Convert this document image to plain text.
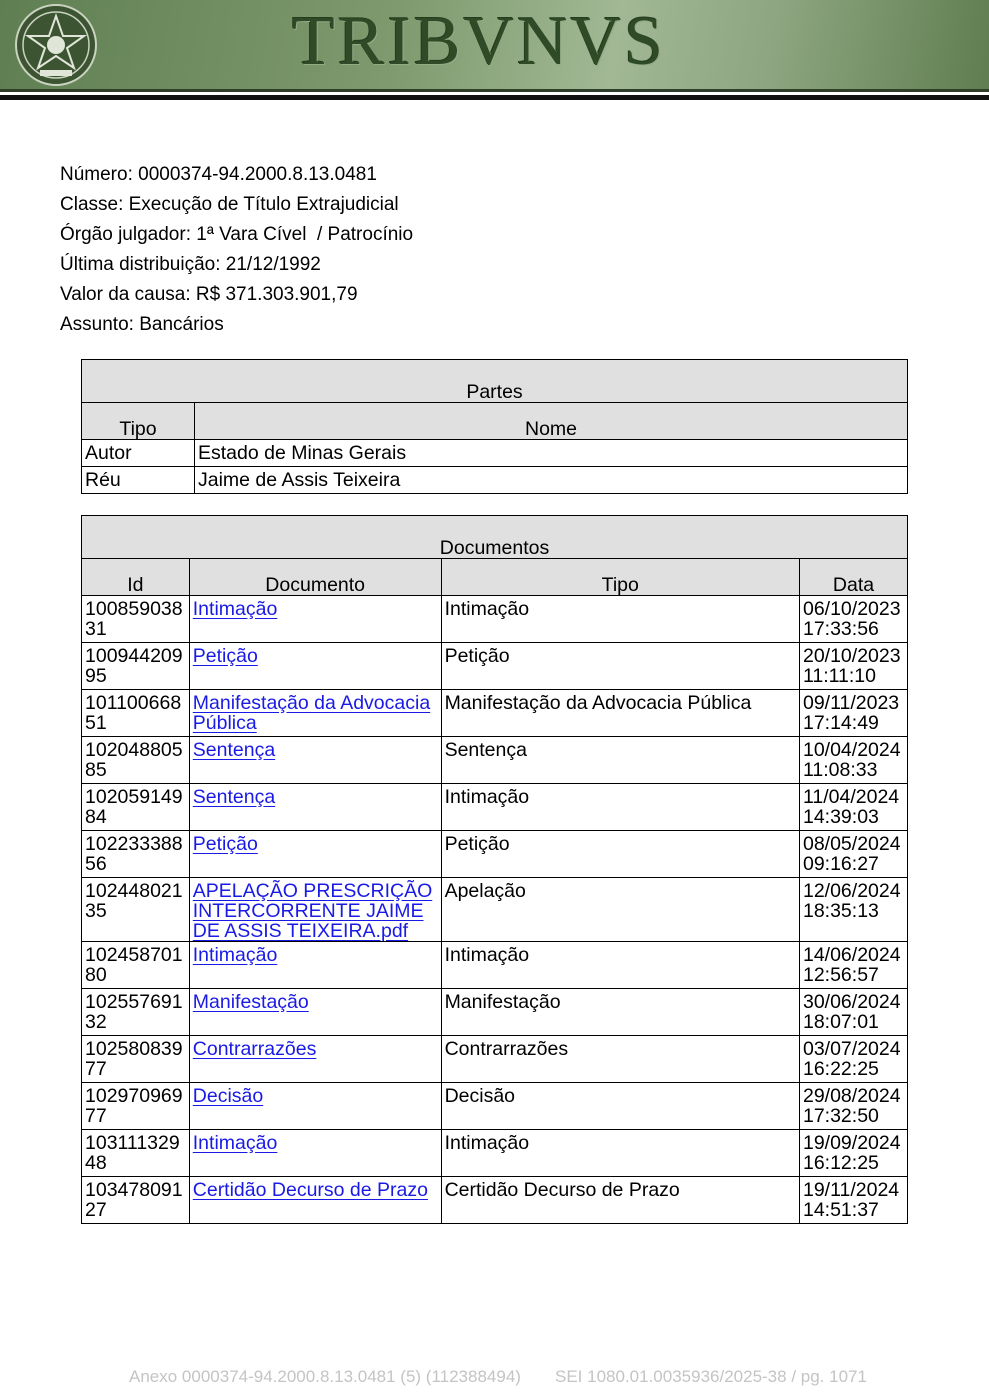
TRIBVNVS
Número: 0000374-94.2000.8.13.0481
Classe: Execução de Título Extrajudicial
Órgão julgador: 1ª Vara Cível  / Patrocínio
Última distribuição: 21/12/1992
Valor da causa: R$ 371.303.901,79
Assunto: Bancários
Partes	
Tipo	Nome
Autor	Estado de Minas Gerais
Réu	Jaime de Assis Teixeira
Documentos			
Id	Documento	Tipo	Data
10085903831	Intimação	Intimação	06/10/2023 17:33:56
10094420995	Petição	Petição	20/10/2023 11:11:10
10110066851	Manifestação da Advocacia Pública	Manifestação da Advocacia Pública	09/11/2023 17:14:49
10204880585	Sentença	Sentença	10/04/2024 11:08:33
10205914984	Sentença	Intimação	11/04/2024 14:39:03
10223338856	Petição	Petição	08/05/2024 09:16:27
10244802135	APELAÇÃO PRESCRIÇÃO INTERCORRENTE JAIME DE ASSIS TEIXEIRA.pdf	Apelação	12/06/2024 18:35:13
10245870180	Intimação	Intimação	14/06/2024 12:56:57
10255769132	Manifestação	Manifestação	30/06/2024 18:07:01
10258083977	Contrarrazões	Contrarrazões	03/07/2024 16:22:25
10297096977	Decisão	Decisão	29/08/2024 17:32:50
10311132948	Intimação	Intimação	19/09/2024 16:12:25
10347809127	Certidão Decurso de Prazo	Certidão Decurso de Prazo	19/11/2024 14:51:37
Anexo 0000374-94.2000.8.13.0481 (5) (112388494) SEI 1080.01.0035936/2025-38 / pg. 1071
